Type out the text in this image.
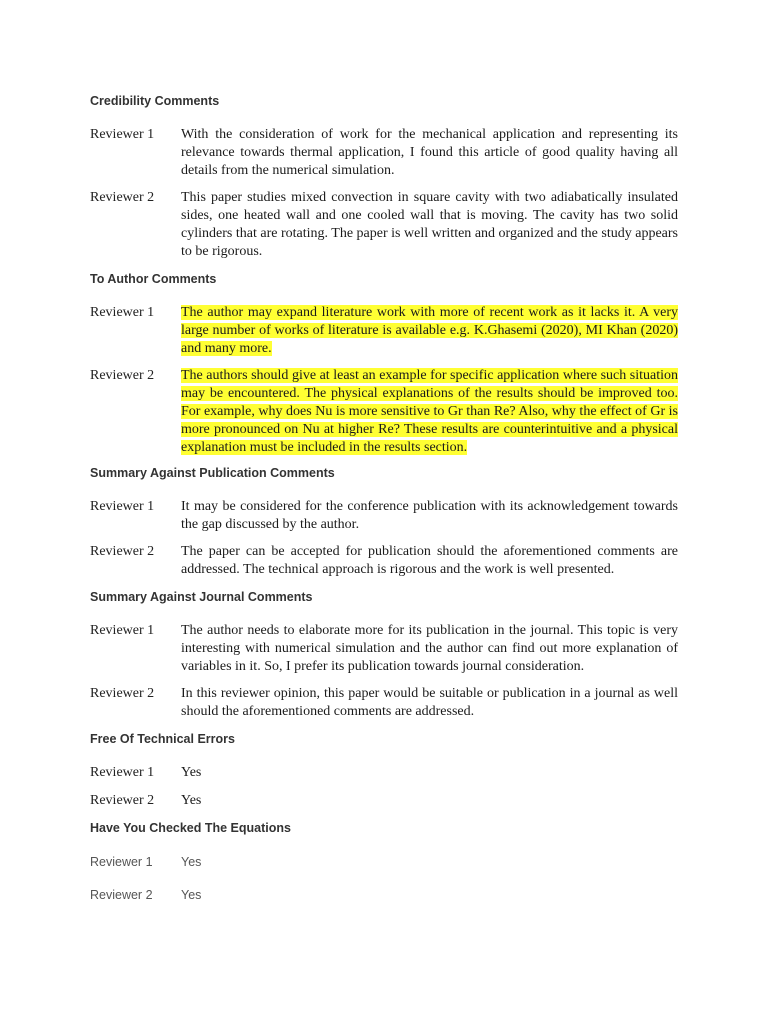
Credibility Comments
Reviewer 1	With the consideration of work for the mechanical application and representing its relevance towards thermal application, I found this article of good quality having all details from the numerical simulation.
Reviewer 2	This paper studies mixed convection in square cavity with two adiabatically insulated sides, one heated wall and one cooled wall that is moving. The cavity has two solid cylinders that are rotating. The paper is well written and organized and the study appears to be rigorous.
To Author Comments
Reviewer 1	The author may expand literature work with more of recent work as it lacks it. A very large number of works of literature is available e.g. K.Ghasemi (2020), MI Khan (2020) and many more.
Reviewer 2	The authors should give at least an example for specific application where such situation may be encountered. The physical explanations of the results should be improved too. For example, why does Nu is more sensitive to Gr than Re? Also, why the effect of Gr is more pronounced on Nu at higher Re? These results are counterintuitive and a physical explanation must be included in the results section.
Summary Against Publication Comments
Reviewer 1	It may be considered for the conference publication with its acknowledgement towards the gap discussed by the author.
Reviewer 2	The paper can be accepted for publication should the aforementioned comments are addressed. The technical approach is rigorous and the work is well presented.
Summary Against Journal Comments
Reviewer 1	The author needs to elaborate more for its publication in the journal. This topic is very interesting with numerical simulation and the author can find out more explanation of variables in it. So, I prefer its publication towards journal consideration.
Reviewer 2	In this reviewer opinion, this paper would be suitable or publication in a journal as well should the aforementioned comments are addressed.
Free Of Technical Errors
Reviewer 1	Yes
Reviewer 2	Yes
Have You Checked The Equations
Reviewer 1	Yes
Reviewer 2	Yes
